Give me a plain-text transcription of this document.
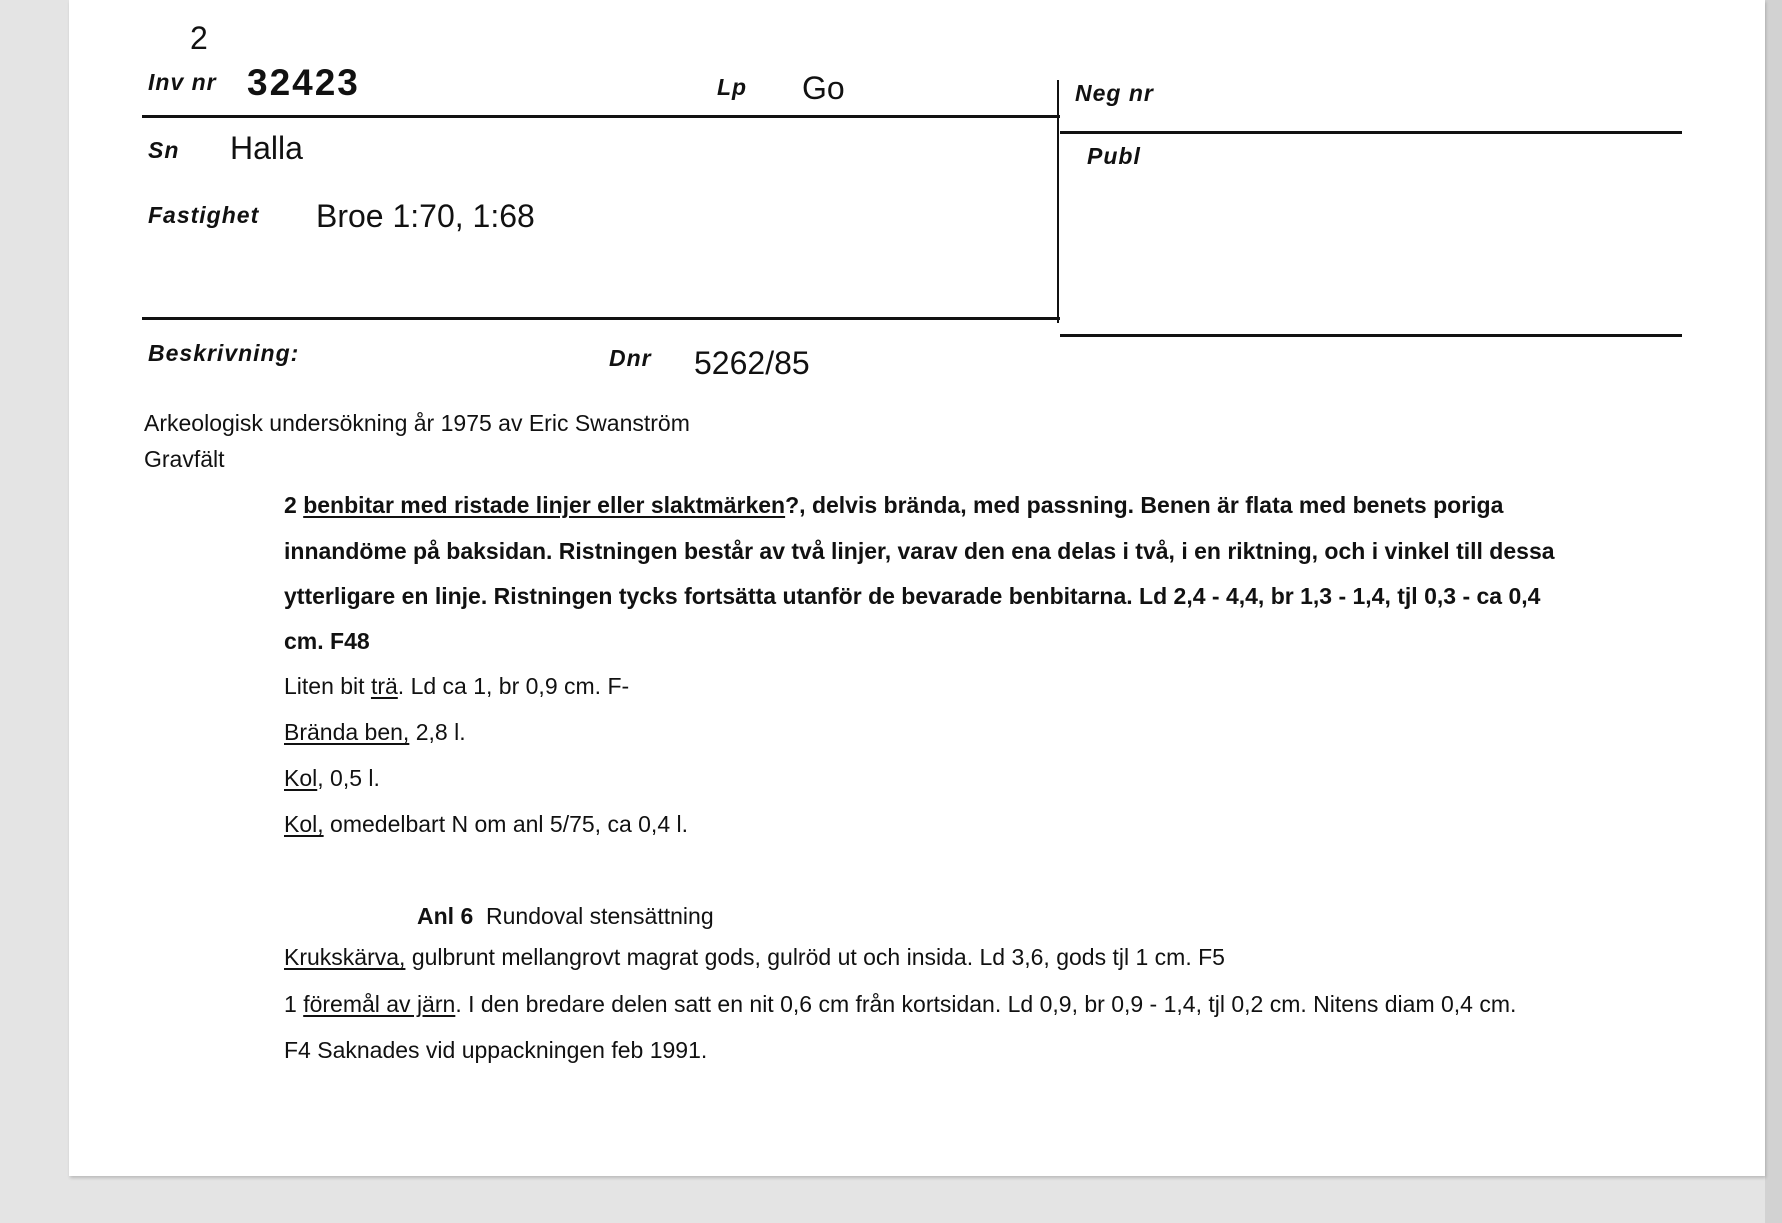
2
Inv nr 32423	Lp Go	Neg nr
Sn Halla	Publ
Fastighet Broe 1:70, 1:68
Beskrivning:	Dnr 5262/85
Arkeologisk undersökning år 1975 av Eric Swanström
Gravfält
2 benbitar med ristade linjer eller slaktmärken?, delvis brända, med passning. Benen är flata med benets poriga
innandöme på baksidan. Ristningen består av två linjer, varav den ena delas i två, i en riktning, och i vinkel till dessa
ytterligare en linje. Ristningen tycks fortsätta utanför de bevarade benbitarna. Ld 2,4 - 4,4, br 1,3 - 1,4, tjl 0,3 - ca 0,4
cm. F48
Liten bit trä. Ld ca 1, br 0,9 cm. F-
Brända ben, 2,8 l.
Kol, 0,5 l.
Kol, omedelbart N om anl 5/75, ca 0,4 l.
Anl 6 Rundoval stensättning
Krukskärva, gulbrunt mellangrovt magrat gods, gulröd ut och insida. Ld 3,6, gods tjl 1 cm. F5
1 föremål av järn. I den bredare delen satt en nit 0,6 cm från kortsidan. Ld 0,9, br 0,9 - 1,4, tjl 0,2 cm. Nitens diam 0,4 cm.
F4 Saknades vid uppackningen feb 1991.
